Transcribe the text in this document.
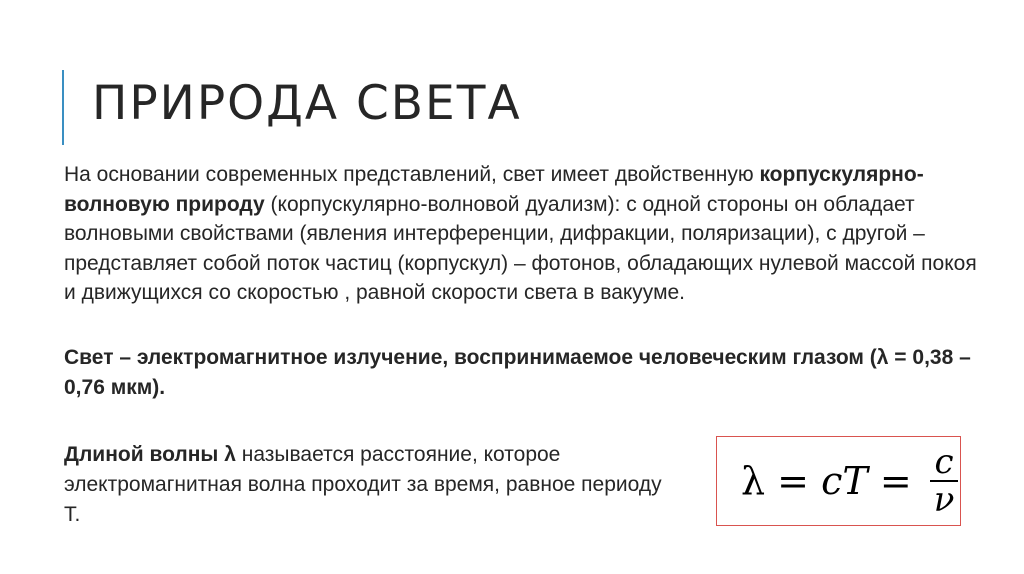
ПРИРОДА СВЕТА

На основании современных представлений, свет имеет двойственную корпускулярно-волновую природу (корпускулярно-волновой дуализм): с одной стороны он обладает волновыми свойствами (явления интерференции, дифракции, поляризации), с другой – представляет собой поток частиц (корпускул) – фотонов, обладающих нулевой массой покоя и движущихся со скоростью , равной скорости света в вакууме.

Свет – электромагнитное излучение, воспринимаемое человеческим глазом (λ = 0,38 – 0,76 мкм).

Длиной волны λ называется расстояние, которое электромагнитная волна проходит за время, равное периоду Т.

λ = cT = $\frac{c}{\nu}$
